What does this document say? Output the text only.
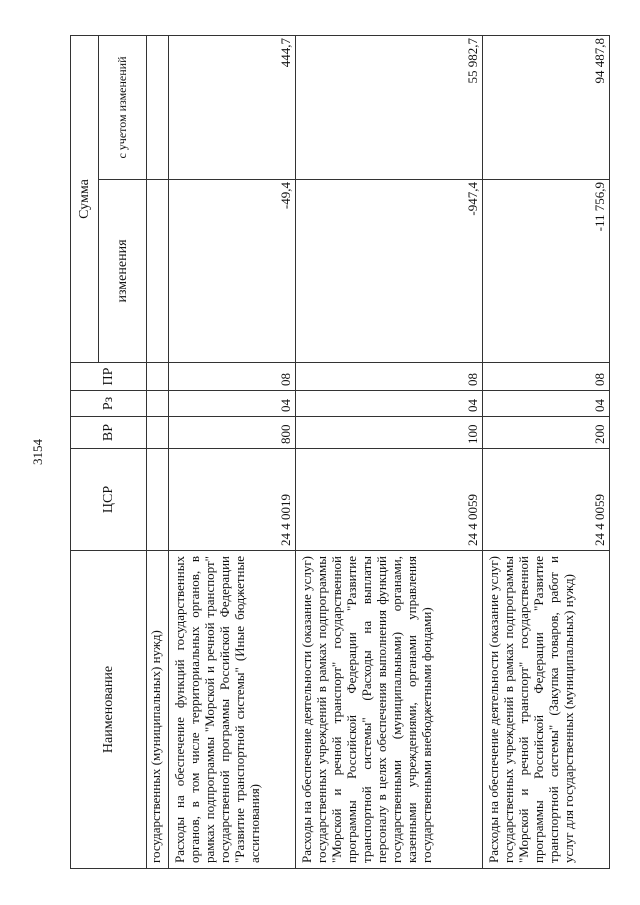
3154
Наименование	ЦСР	ВР	Рз	ПР	Сумма	
					изменения	с учетом изменений
государственных (муниципальных) нужд)						
Расходы на обеспечение функций государственных органов, в том числе территориальных органов, в рамках подпрограммы "Морской и речной транспорт" государственной программы Российской Федерации "Развитие транспортной системы" (Иные бюджетные ассигнования)	24 4 0019	800	04	08	-49,4	444,7
Расходы на обеспечение деятельности (оказание услуг) государственных учреждений в рамках подпрограммы "Морской и речной транспорт" государственной программы Российской Федерации "Развитие транспортной системы" (Расходы на выплаты персоналу в целях обеспечения выполнения функций государственными (муниципальными) органами, казенными учреждениями, органами управления государственными внебюджетными фондами)	24 4 0059	100	04	08	-947,4	55 982,7
Расходы на обеспечение деятельности (оказание услуг) государственных учреждений в рамках подпрограммы "Морской и речной транспорт" государственной программы Российской Федерации "Развитие транспортной системы" (Закупка товаров, работ и услуг для государственных (муниципальных) нужд)	24 4 0059	200	04	08	-11 756,9	94 487,8
